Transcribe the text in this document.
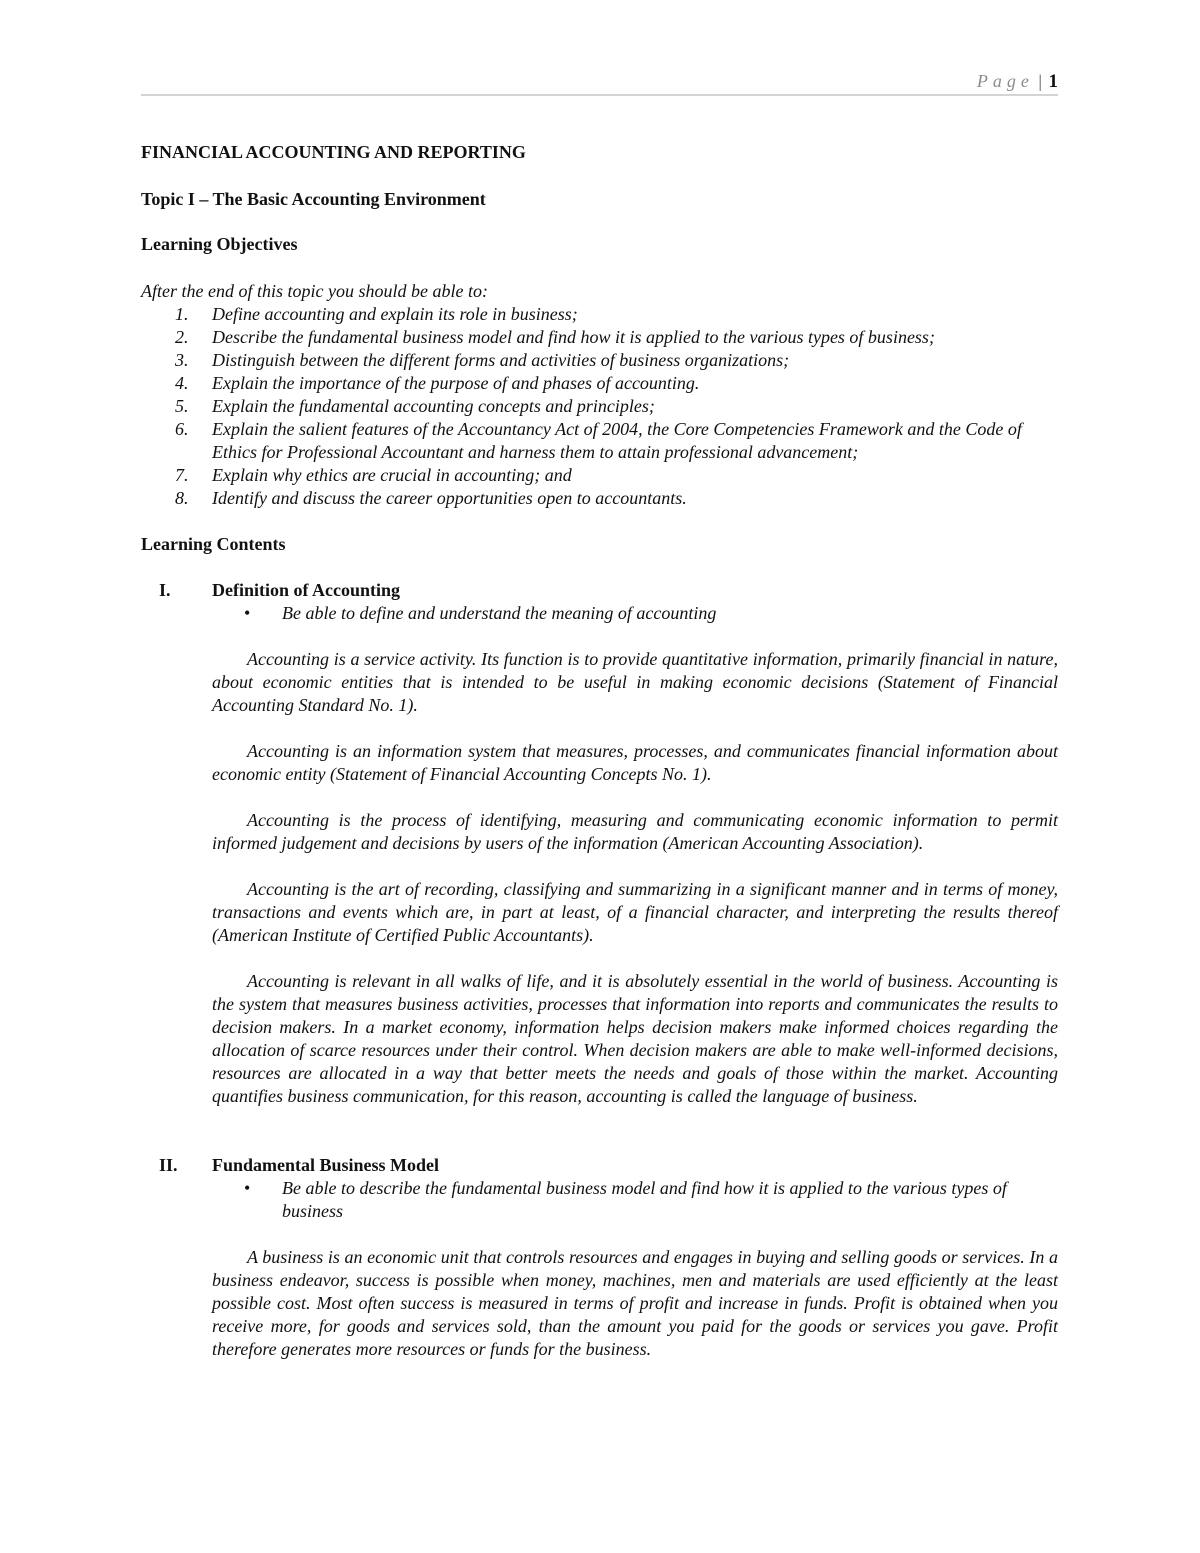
Page | 1

FINANCIAL ACCOUNTING AND REPORTING

Topic I – The Basic Accounting Environment

Learning Objectives

After the end of this topic you should be able to:

1. Define accounting and explain its role in business;
2. Describe the fundamental business model and find how it is applied to the various types of business;
3. Distinguish between the different forms and activities of business organizations;
4. Explain the importance of the purpose of and phases of accounting.
5. Explain the fundamental accounting concepts and principles;
6. Explain the salient features of the Accountancy Act of 2004, the Core Competencies Framework and the Code of Ethics for Professional Accountant and harness them to attain professional advancement;
7. Explain why ethics are crucial in accounting; and
8. Identify and discuss the career opportunities open to accountants.

Learning Contents

I. Definition of Accounting
• Be able to define and understand the meaning of accounting

Accounting is a service activity. Its function is to provide quantitative information, primarily financial in nature, about economic entities that is intended to be useful in making economic decisions (Statement of Financial Accounting Standard No. 1).

Accounting is an information system that measures, processes, and communicates financial information about economic entity (Statement of Financial Accounting Concepts No. 1).

Accounting is the process of identifying, measuring and communicating economic information to permit informed judgement and decisions by users of the information (American Accounting Association).

Accounting is the art of recording, classifying and summarizing in a significant manner and in terms of money, transactions and events which are, in part at least, of a financial character, and interpreting the results thereof (American Institute of Certified Public Accountants).

Accounting is relevant in all walks of life, and it is absolutely essential in the world of business. Accounting is the system that measures business activities, processes that information into reports and communicates the results to decision makers. In a market economy, information helps decision makers make informed choices regarding the allocation of scarce resources under their control. When decision makers are able to make well-informed decisions, resources are allocated in a way that better meets the needs and goals of those within the market. Accounting quantifies business communication, for this reason, accounting is called the language of business.

II. Fundamental Business Model
• Be able to describe the fundamental business model and find how it is applied to the various types of business

A business is an economic unit that controls resources and engages in buying and selling goods or services. In a business endeavor, success is possible when money, machines, men and materials are used efficiently at the least possible cost. Most often success is measured in terms of profit and increase in funds. Profit is obtained when you receive more, for goods and services sold, than the amount you paid for the goods or services you gave. Profit therefore generates more resources or funds for the business.
